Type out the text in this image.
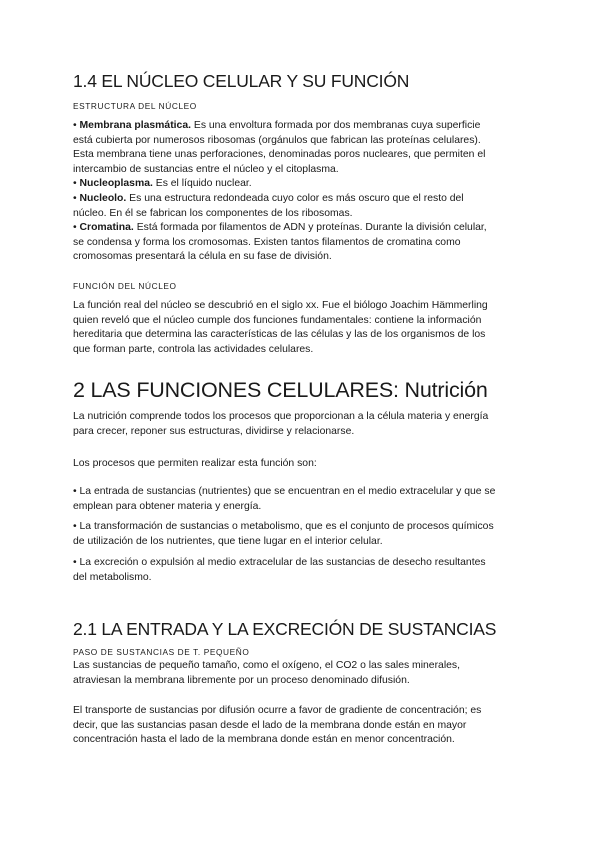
1.4 EL NÚCLEO CELULAR Y SU FUNCIÓN
ESTRUCTURA DEL NÚCLEO
• Membrana plasmática. Es una envoltura formada por dos membranas cuya superficie
está cubierta por numerosos ribosomas (orgánulos que fabrican las proteínas celulares).
Esta membrana tiene unas perforaciones, denominadas poros nucleares, que permiten el
intercambio de sustancias entre el núcleo y el citoplasma.
• Nucleoplasma. Es el líquido nuclear.
• Nucleolo. Es una estructura redondeada cuyo color es más oscuro que el resto del
núcleo. En él se fabrican los componentes de los ribosomas.
• Cromatina. Está formada por filamentos de ADN y proteínas. Durante la división celular,
se condensa y forma los cromosomas. Existen tantos filamentos de cromatina como
cromosomas presentará la célula en su fase de división.
FUNCIÓN DEL NÚCLEO
La función real del núcleo se descubrió en el siglo xx. Fue el biólogo Joachim Hämmerling
quien reveló que el núcleo cumple dos funciones fundamentales: contiene la información
hereditaria que determina las características de las células y las de los organismos de los
que forman parte, controla las actividades celulares.
2 LAS FUNCIONES CELULARES: Nutrición
La nutrición comprende todos los procesos que proporcionan a la célula materia y energía
para crecer, reponer sus estructuras, dividirse y relacionarse.
Los procesos que permiten realizar esta función son:
• La entrada de sustancias (nutrientes) que se encuentran en el medio extracelular y que se
emplean para obtener materia y energía.
• La transformación de sustancias o metabolismo, que es el conjunto de procesos químicos
de utilización de los nutrientes, que tiene lugar en el interior celular.
• La excreción o expulsión al medio extracelular de las sustancias de desecho resultantes
del metabolismo.
2.1 LA ENTRADA Y LA EXCRECIÓN DE SUSTANCIAS
PASO DE SUSTANCIAS DE T. PEQUEÑO
Las sustancias de pequeño tamaño, como el oxígeno, el CO2 o las sales minerales,
atraviesan la membrana libremente por un proceso denominado difusión.
El transporte de sustancias por difusión ocurre a favor de gradiente de concentración; es
decir, que las sustancias pasan desde el lado de la membrana donde están en mayor
concentración hasta el lado de la membrana donde están en menor concentración.
